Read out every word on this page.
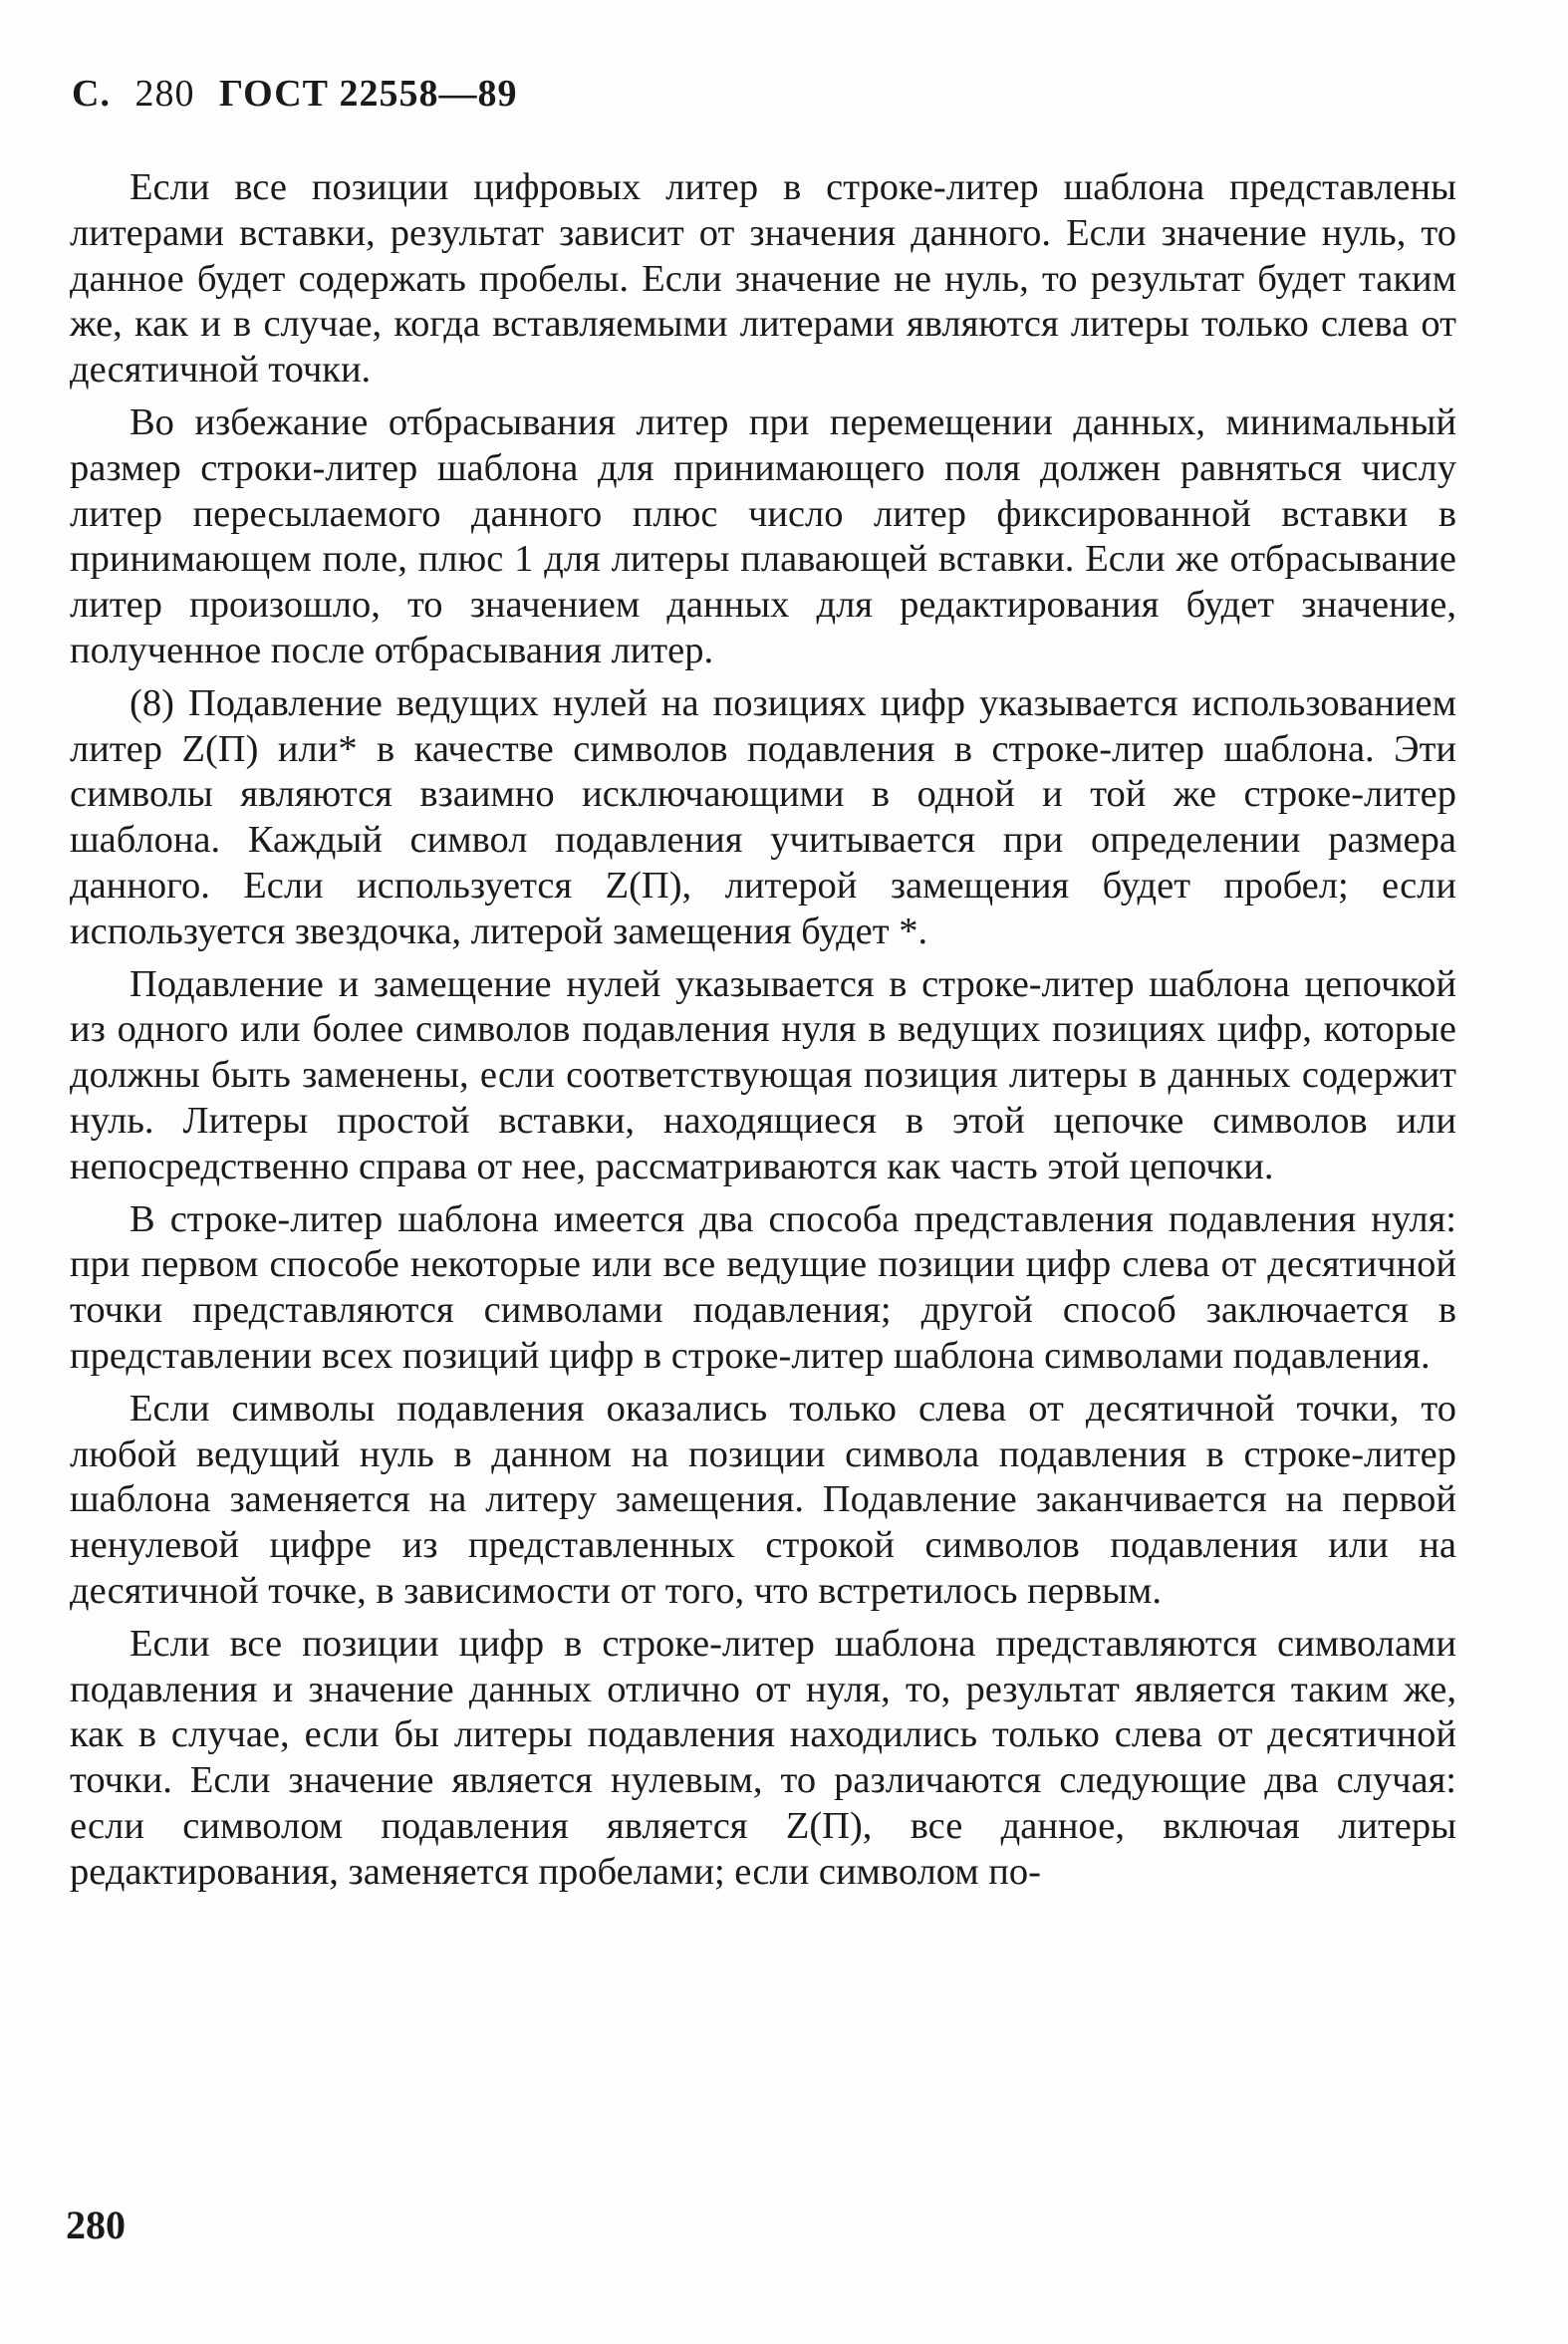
С. 280 ГОСТ 22558—89

Если все позиции цифровых литер в строке-литер шаблона представлены литерами вставки, результат зависит от значения данного. Если значение нуль, то данное будет содержать пробелы. Если значение не нуль, то результат будет таким же, как и в случае, когда вставляемыми литерами являются литеры только слева от десятичной точки.

Во избежание отбрасывания литер при перемещении данных, минимальный размер строки-литер шаблона для принимающего поля должен равняться числу литер пересылаемого данного плюс число литер фиксированной вставки в принимающем поле, плюс 1 для литеры плавающей вставки. Если же отбрасывание литер произошло, то значением данных для редактирования будет значение, полученное после отбрасывания литер.

(8) Подавление ведущих нулей на позициях цифр указывается использованием литер Z(П) или* в качестве символов подавления в строке-литер шаблона. Эти символы являются взаимно исключающими в одной и той же строке-литер шаблона. Каждый символ подавления учитывается при определении размера данного. Если используется Z(П), литерой замещения будет пробел; если используется звездочка, литерой замещения будет *.

Подавление и замещение нулей указывается в строке-литер шаблона цепочкой из одного или более символов подавления нуля в ведущих позициях цифр, которые должны быть заменены, если соответствующая позиция литеры в данных содержит нуль. Литеры простой вставки, находящиеся в этой цепочке символов или непосредственно справа от нее, рассматриваются как часть этой цепочки.

В строке-литер шаблона имеется два способа представления подавления нуля: при первом способе некоторые или все ведущие позиции цифр слева от десятичной точки представляются символами подавления; другой способ заключается в представлении всех позиций цифр в строке-литер шаблона символами подавления.

Если символы подавления оказались только слева от десятичной точки, то любой ведущий нуль в данном на позиции символа подавления в строке-литер шаблона заменяется на литеру замещения. Подавление заканчивается на первой ненулевой цифре из представленных строкой символов подавления или на десятичной точке, в зависимости от того, что встретилось первым.

Если все позиции цифр в строке-литер шаблона представляются символами подавления и значение данных отлично от нуля, то, результат является таким же, как в случае, если бы литеры подавления находились только слева от десятичной точки. Если значение является нулевым, то различаются следующие два случая: если символом подавления является Z(П), все данное, включая литеры редактирования, заменяется пробелами; если символом по-

280
